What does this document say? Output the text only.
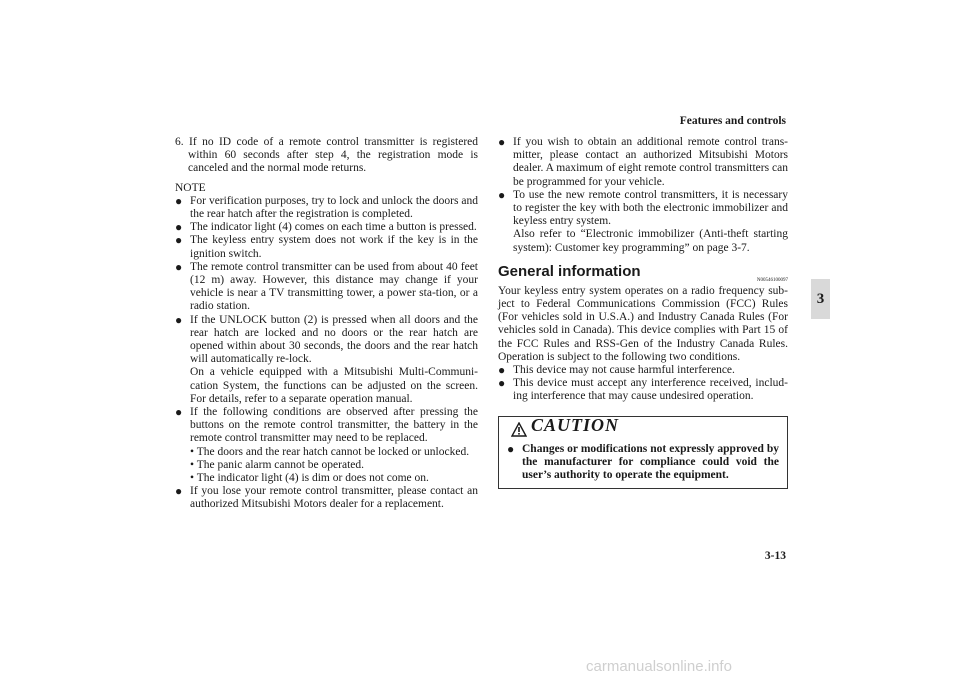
Features and controls
3

6. If no ID code of a remote control transmitter is registered within 60 seconds after step 4, the registration mode is canceled and the normal mode returns.

NOTE

● For verification purposes, try to lock and unlock the doors and the rear hatch after the registration is completed.

● The indicator light (4) comes on each time a button is pressed.

● The keyless entry system does not work if the key is in the ignition switch.

● The remote control transmitter can be used from about 40 feet (12 m) away. However, this distance may change if your vehicle is near a TV transmitting tower, a power sta-tion, or a radio station.

● If the UNLOCK button (2) is pressed when all doors and the rear hatch are locked and no doors or the rear hatch are opened within about 30 seconds, the doors and the rear hatch will automatically re-lock.

On a vehicle equipped with a Mitsubishi Multi-Communi-cation System, the functions can be adjusted on the screen. For details, refer to a separate operation manual.

● If the following conditions are observed after pressing the buttons on the remote control transmitter, the battery in the remote control transmitter may need to be replaced.

• The doors and the rear hatch cannot be locked or unlocked.

• The panic alarm cannot be operated.

• The indicator light (4) is dim or does not come on.

● If you lose your remote control transmitter, please contact an authorized Mitsubishi Motors dealer for a replacement.

● If you wish to obtain an additional remote control trans-mitter, please contact an authorized Mitsubishi Motors dealer. A maximum of eight remote control transmitters can be programmed for your vehicle.

● To use the new remote control transmitters, it is necessary to register the key with both the electronic immobilizer and keyless entry system.

Also refer to “Electronic immobilizer (Anti-theft starting system): Customer key programming” on page 3-7.

General information
N00546100097

Your keyless entry system operates on a radio frequency sub-ject to Federal Communications Commission (FCC) Rules (For vehicles sold in U.S.A.) and Industry Canada Rules (For vehicles sold in Canada). This device complies with Part 15 of the FCC Rules and RSS-Gen of the Industry Canada Rules. Operation is subject to the following two conditions.

● This device may not cause harmful interference.

● This device must accept any interference received, includ-ing interference that may cause undesired operation.

CAUTION
● Changes or modifications not expressly approved by the manufacturer for compliance could void the user’s authority to operate the equipment.

3-13
carmanualsonline.info
